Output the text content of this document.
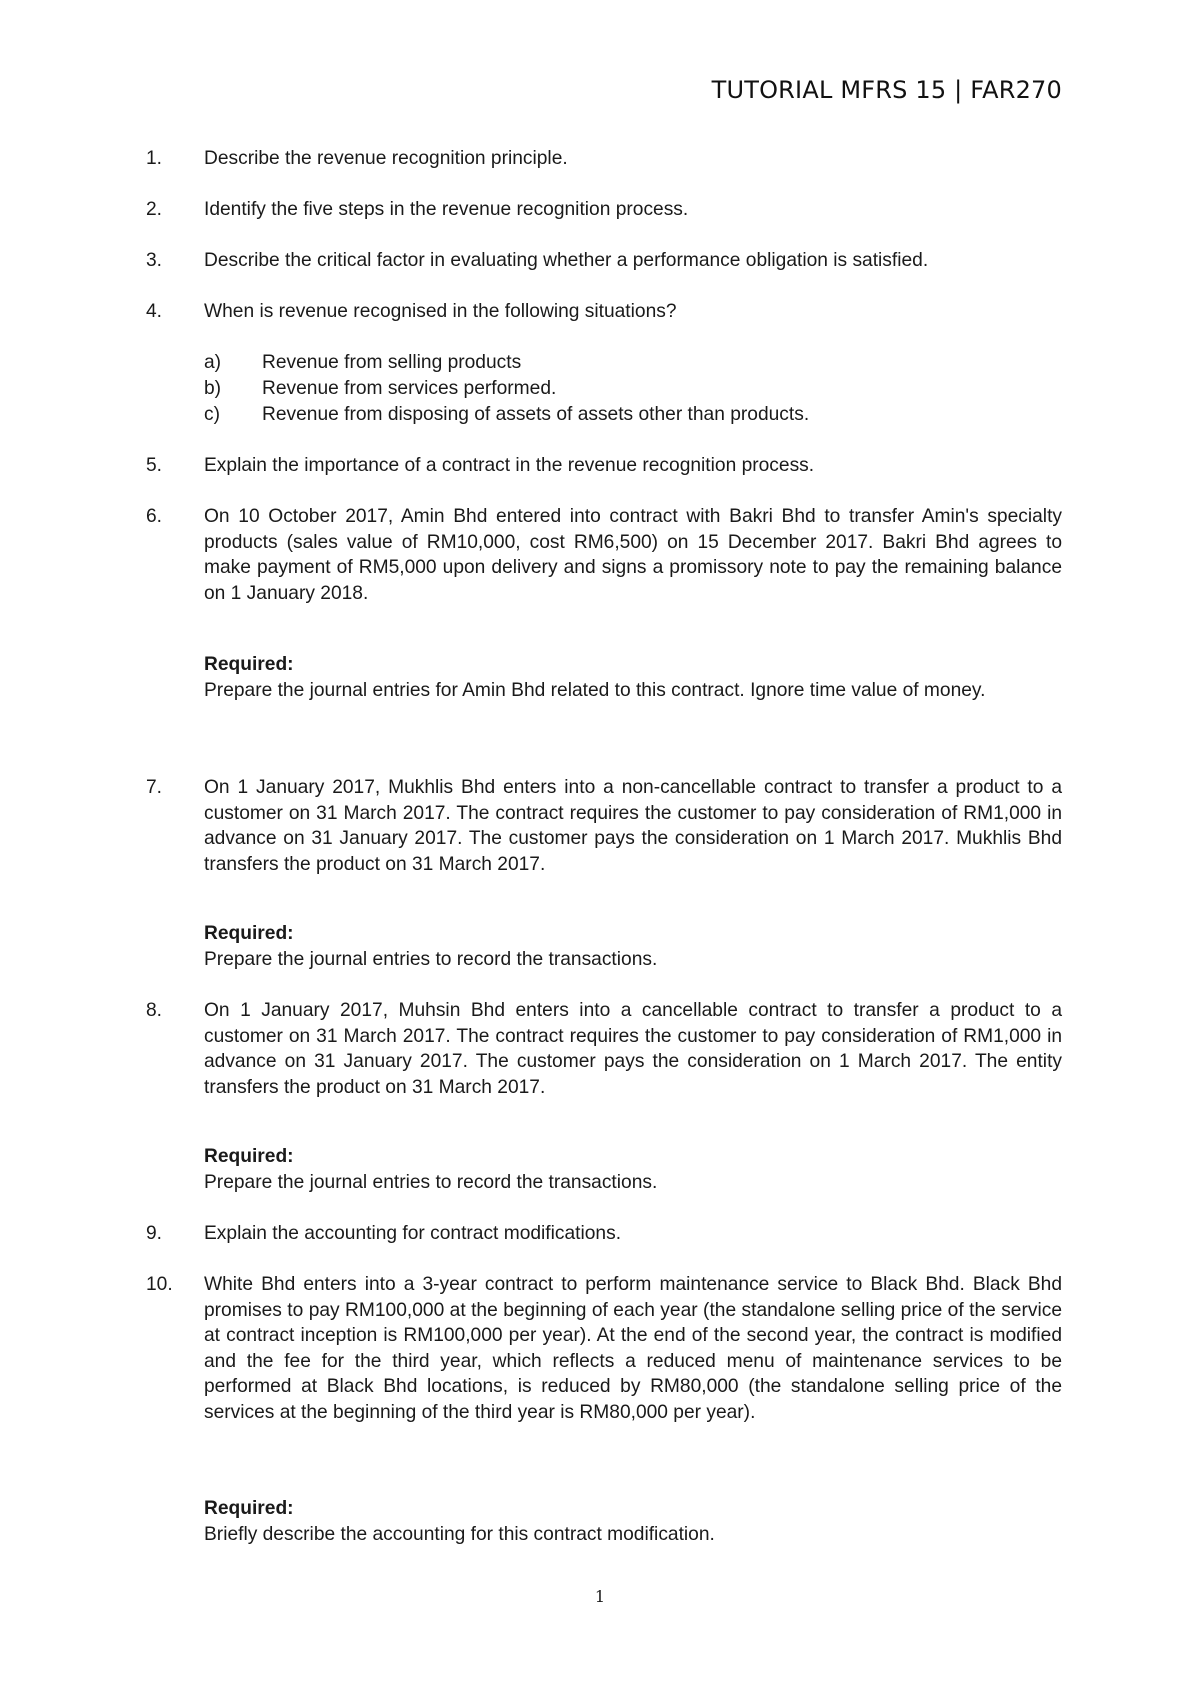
TUTORIAL MFRS 15 | FAR270
1.	Describe the revenue recognition principle.
2.	Identify the five steps in the revenue recognition process.
3.	Describe the critical factor in evaluating whether a performance obligation is satisfied.
4.	When is revenue recognised in the following situations?
a)	Revenue from selling products
b)	Revenue from services performed.
c)	Revenue from disposing of assets of assets other than products.
5.	Explain the importance of a contract in the revenue recognition process.
6.	On 10 October 2017, Amin Bhd entered into contract with Bakri Bhd to transfer Amin's specialty products (sales value of RM10,000, cost RM6,500) on 15 December 2017. Bakri Bhd agrees to make payment of RM5,000 upon delivery and signs a promissory note to pay the remaining balance on 1 January 2018.
Required:
Prepare the journal entries for Amin Bhd related to this contract. Ignore time value of money.
7.	On 1 January 2017, Mukhlis Bhd enters into a non-cancellable contract to transfer a product to a customer on 31 March 2017. The contract requires the customer to pay consideration of RM1,000 in advance on 31 January 2017. The customer pays the consideration on 1 March 2017. Mukhlis Bhd transfers the product on 31 March 2017.
Required:
Prepare the journal entries to record the transactions.
8.	On 1 January 2017, Muhsin Bhd enters into a cancellable contract to transfer a product to a customer on 31 March 2017. The contract requires the customer to pay consideration of RM1,000 in advance on 31 January 2017. The customer pays the consideration on 1 March 2017. The entity transfers the product on 31 March 2017.
Required:
Prepare the journal entries to record the transactions.
9.	Explain the accounting for contract modifications.
10.	White Bhd enters into a 3-year contract to perform maintenance service to Black Bhd. Black Bhd promises to pay RM100,000 at the beginning of each year (the standalone selling price of the service at contract inception is RM100,000 per year). At the end of the second year, the contract is modified and the fee for the third year, which reflects a reduced menu of maintenance services to be performed at Black Bhd locations, is reduced by RM80,000 (the standalone selling price of the services at the beginning of the third year is RM80,000 per year).
Required:
Briefly describe the accounting for this contract modification.
1
